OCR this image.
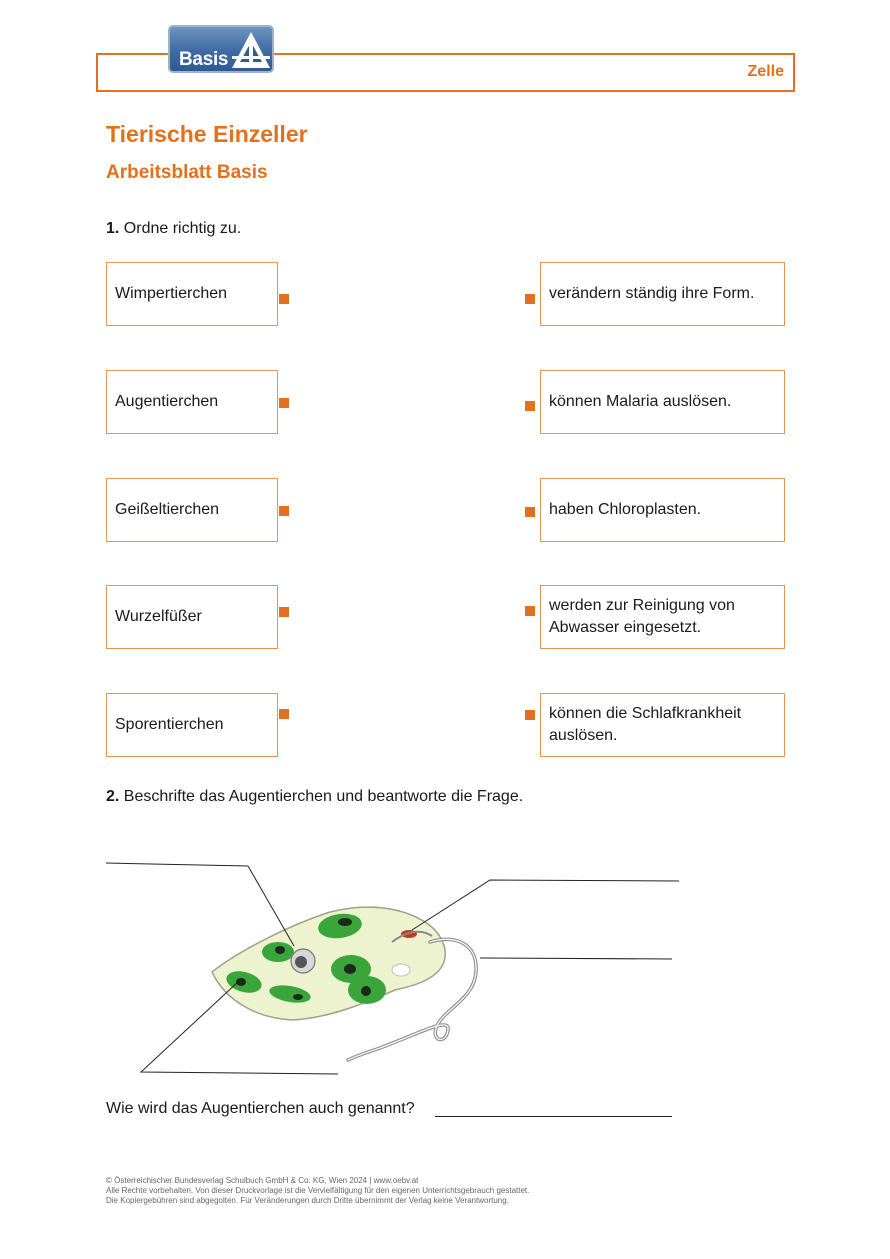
Basis
Zelle
Tierische Einzeller
Arbeitsblatt Basis
1. Ordne richtig zu.
Wimpertierchen
Augentierchen
Geißeltierchen
Wurzelfüßer
Sporentierchen
verändern ständig ihre Form.
können Malaria auslösen.
haben Chloroplasten.
werden zur Reinigung von Abwasser eingesetzt.
können die Schlafkrankheit auslösen.
2. Beschrifte das Augentierchen und beantworte die Frage.
Wie wird das Augentierchen auch genannt?
© Österreichischer Bundesverlag Schulbuch GmbH & Co. KG, Wien 2024 | www.oebv.at
Alle Rechte vorbehalten. Von dieser Druckvorlage ist die Vervielfältigung für den eigenen Unterrichtsgebrauch gestattet.
Die Kopiergebühren sind abgegolten. Für Veränderungen durch Dritte übernimmt der Verlag keine Verantwortung.
